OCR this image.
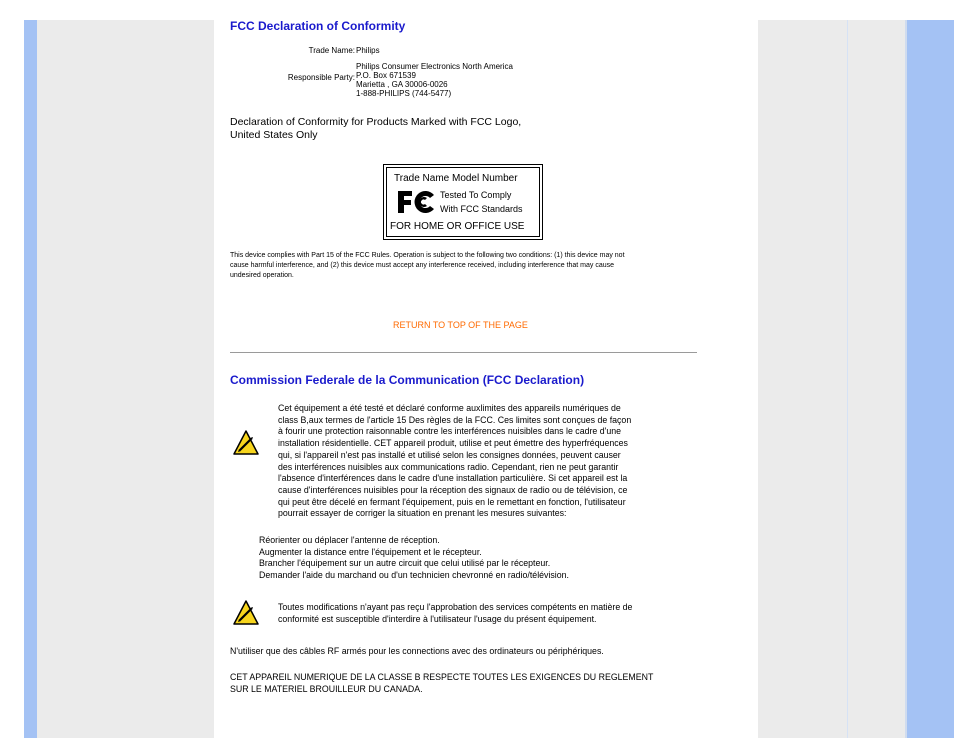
FCC Declaration of Conformity
Trade Name: Philips
Responsible Party:
Philips Consumer Electronics North America
P.O. Box 671539
Marietta , GA 30006-0026
1-888-PHILIPS (744-5477)
Declaration of Conformity for Products Marked with FCC Logo,
United States Only
Trade Name Model Number
Tested To Comply
With FCC Standards
FOR HOME OR OFFICE USE
This device complies with Part 15 of the FCC Rules. Operation is subject to the following two conditions: (1) this device may not
cause harmful interference, and (2) this device must accept any interference received, including interference that may cause
undesired operation.
RETURN TO TOP OF THE PAGE
Commission Federale de la Communication (FCC Declaration)
Cet équipement a été testé et déclaré conforme auxlimites des appareils numériques de
class B,aux termes de l'article 15 Des règles de la FCC. Ces limites sont conçues de façon
à fourir une protection raisonnable contre les interférences nuisibles dans le cadre d'une
installation résidentielle. CET appareil produit, utilise et peut émettre des hyperfréquences
qui, si l'appareil n'est pas installé et utilisé selon les consignes données, peuvent causer
des interférences nuisibles aux communications radio. Cependant, rien ne peut garantir
l'absence d'interférences dans le cadre d'une installation particulière. Si cet appareil est la
cause d'interférences nuisibles pour la réception des signaux de radio ou de télévision, ce
qui peut être décelé en fermant l'équipement, puis en le remettant en fonction, l'utilisateur
pourrait essayer de corriger la situation en prenant les mesures suivantes:
Réorienter ou déplacer l'antenne de réception.
Augmenter la distance entre l'équipement et le récepteur.
Brancher l'équipement sur un autre circuit que celui utilisé par le récepteur.
Demander l'aide du marchand ou d'un technicien chevronné en radio/télévision.
Toutes modifications n'ayant pas reçu l'approbation des services compétents en matière de
conformité est susceptible d'interdire à l'utilisateur l'usage du présent équipement.
N'utiliser que des câbles RF armés pour les connections avec des ordinateurs ou périphériques.
CET APPAREIL NUMERIQUE DE LA CLASSE B RESPECTE TOUTES LES EXIGENCES DU REGLEMENT
SUR LE MATERIEL BROUILLEUR DU CANADA.
